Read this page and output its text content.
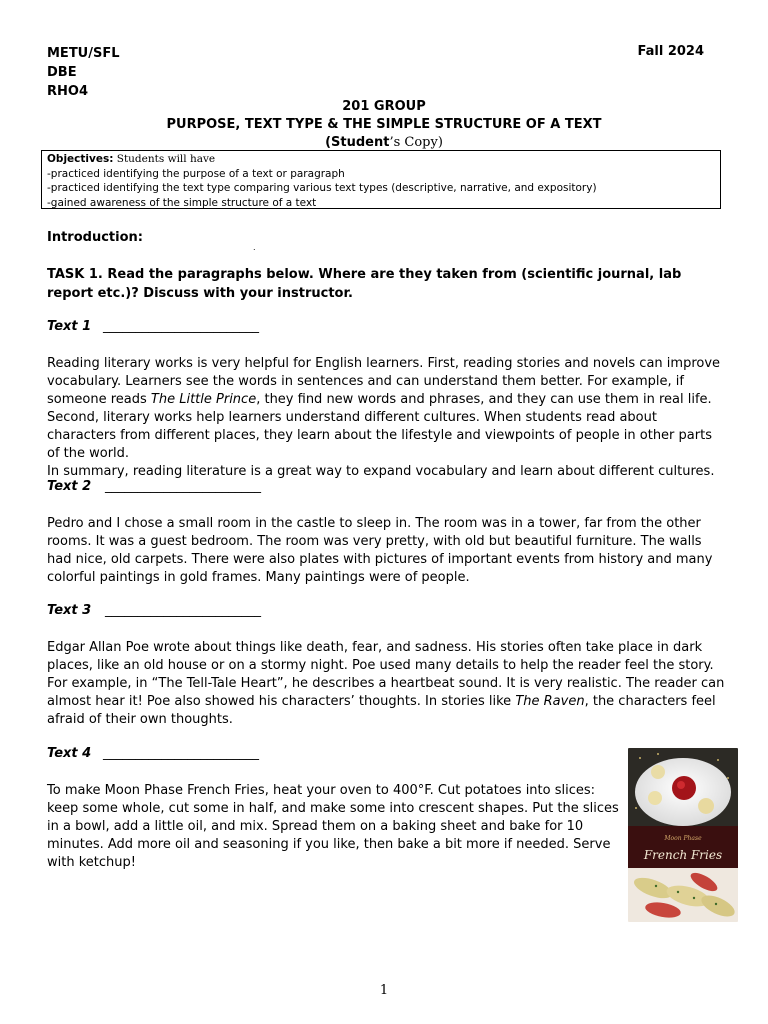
METU/SFL
DBE
RHO4
Fall 2024
201 GROUP
PURPOSE, TEXT TYPE & THE SIMPLE STRUCTURE OF A TEXT
(Student’s Copy)
Objectives: Students will have
-practiced identifying the purpose of a text or paragraph
-practiced identifying the text type comparing various text types (descriptive, narrative, and expository)
-gained awareness of the simple structure of a text
Introduction:
.
TASK 1. Read the paragraphs below. Where are they taken from (scientific journal, lab report etc.)? Discuss with your instructor.
Text 1 ________________________
Reading literary works is very helpful for English learners. First, reading stories and novels can improve vocabulary. Learners see the words in sentences and can understand them better. For example, if someone reads The Little Prince, they find new words and phrases, and they can use them in real life.
Second, literary works help learners understand different cultures. When students read about characters from different places, they learn about the lifestyle and viewpoints of people in other parts of the world.
In summary, reading literature is a great way to expand vocabulary and learn about different cultures.
Text 2 ________________________
Pedro and I chose a small room in the castle to sleep in. The room was in a tower, far from the other rooms. It was a guest bedroom. The room was very pretty, with old but beautiful furniture. The walls had nice, old carpets. There were also plates with pictures of important events from history and many colorful paintings in gold frames. Many paintings were of people.
Text 3 ________________________
Edgar Allan Poe wrote about things like death, fear, and sadness. His stories often take place in dark places, like an old house or on a stormy night. Poe used many details to help the reader feel the story. For example, in “The Tell-Tale Heart”, he describes a heartbeat sound. It is very realistic. The reader can almost hear it! Poe also showed his characters’ thoughts. In stories like The Raven, the characters feel afraid of their own thoughts.
Text 4 ________________________
To make Moon Phase French Fries, heat your oven to 400°F. Cut potatoes into slices: keep some whole, cut some in half, and make some into crescent shapes. Put the slices in a bowl, add a little oil, and mix. Spread them on a baking sheet and bake for 10 minutes. Add more oil and seasoning if you like, then bake a bit more if needed. Serve with ketchup!
Moon Phase
French Fries
1
